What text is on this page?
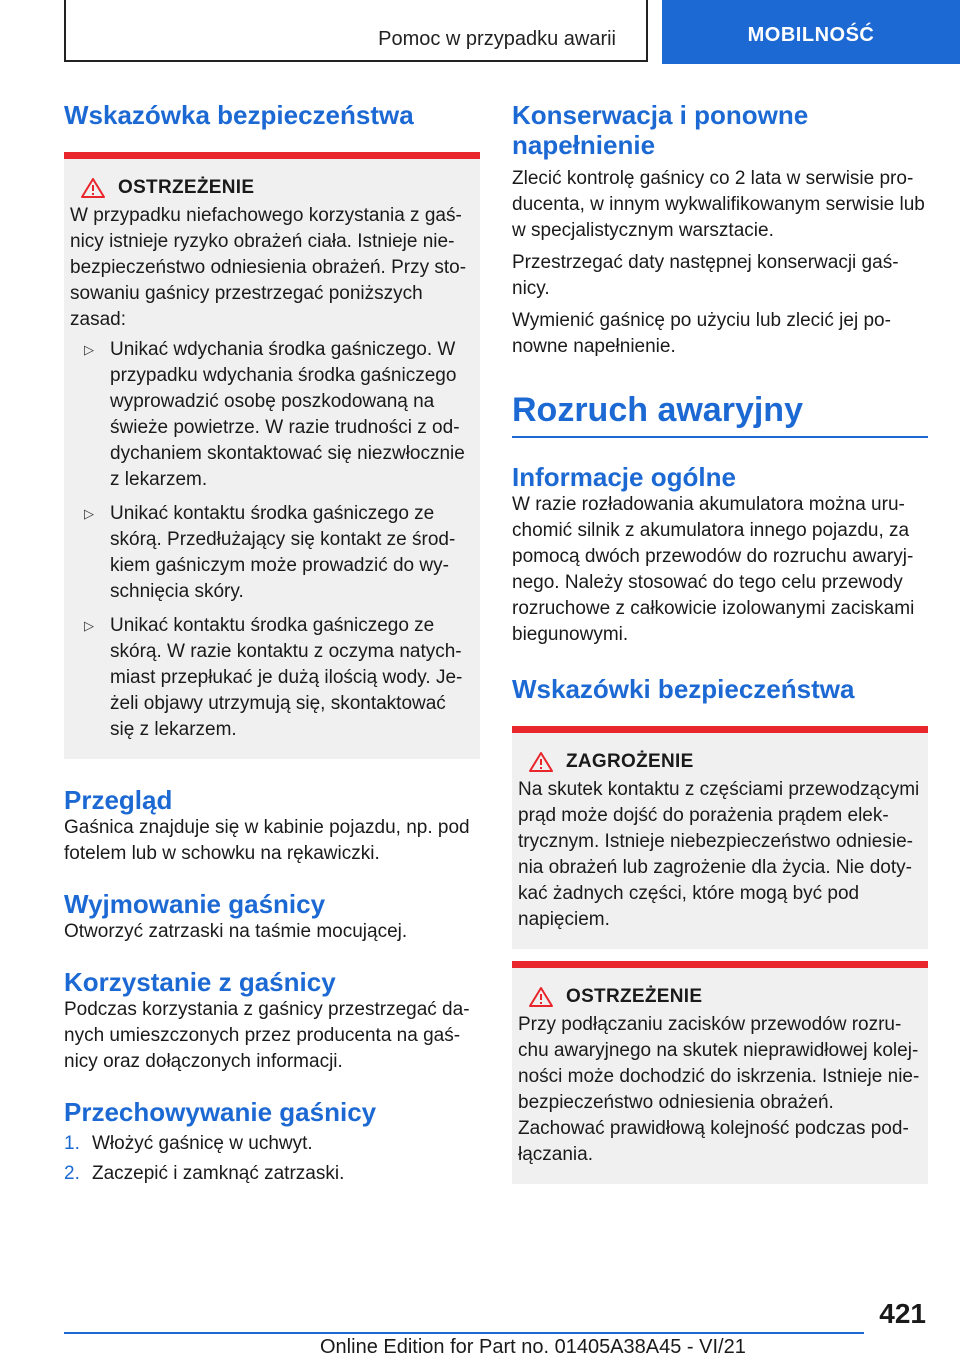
Pomoc w przypadku awarii	MOBILNOŚĆ
Wskazówka bezpieczeństwa
OSTRZEŻENIE

W przypadku niefachowego korzystania z gaśnicy istnieje ryzyko obrażeń ciała. Istnieje niebezpieczeństwo odniesienia obrażeń. Przy stosowaniu gaśnicy przestrzegać poniższych zasad:

▷ Unikać wdychania środka gaśniczego. W przypadku wdychania środka gaśniczego wyprowadzić osobę poszkodowaną na świeże powietrze. W razie trudności z oddychaniem skontaktować się niezwłocznie z lekarzem.
▷ Unikać kontaktu środka gaśniczego ze skórą. Przedłużający się kontakt ze środkiem gaśniczym może prowadzić do wyschnięcia skóry.
▷ Unikać kontaktu środka gaśniczego ze skórą. W razie kontaktu z oczyma natychmiast przepłukać je dużą ilością wody. Jeżeli objawy utrzymują się, skontaktować się z lekarzem.
Przegląd

Gaśnica znajduje się w kabinie pojazdu, np. pod fotelem lub w schowku na rękawiczki.

Wyjmowanie gaśnicy

Otworzyć zatrzaski na taśmie mocującej.

Korzystanie z gaśnicy

Podczas korzystania z gaśnicy przestrzegać danych umieszczonych przez producenta na gaśnicy oraz dołączonych informacji.

Przechowywanie gaśnicy
1. Włożyć gaśnicę w uchwyt.
2. Zaczepić i zamknąć zatrzaski.
Konserwacja i ponowne napełnienie

Zlecić kontrolę gaśnicy co 2 lata w serwisie producenta, w innym wykwalifikowanym serwisie lub w specjalistycznym warsztacie.

Przestrzegać daty następnej konserwacji gaśnicy.

Wymienić gaśnicę po użyciu lub zlecić jej ponowne napełnienie.

Rozruch awaryjny
Informacje ogólne

W razie rozładowania akumulatora można uruchomić silnik z akumulatora innego pojazdu, za pomocą dwóch przewodów do rozruchu awaryjnego. Należy stosować do tego celu przewody rozruchowe z całkowicie izolowanymi zaciskami biegunowymi.

Wskazówki bezpieczeństwa
ZAGROŻENIE

Na skutek kontaktu z częściami przewodzącymi prąd może dojść do porażenia prądem elektrycznym. Istnieje niebezpieczeństwo odniesienia obrażeń lub zagrożenie dla życia. Nie dotykać żadnych części, które mogą być pod napięciem.

OSTRZEŻENIE

Przy podłączaniu zacisków przewodów rozruchu awaryjnego na skutek nieprawidłowej kolejności może dochodzić do iskrzenia. Istnieje niebezpieczeństwo odniesienia obrażeń.

Zachować prawidłową kolejność podczas podłączania.

421
Online Edition for Part no. 01405A38A45 - VI/21
